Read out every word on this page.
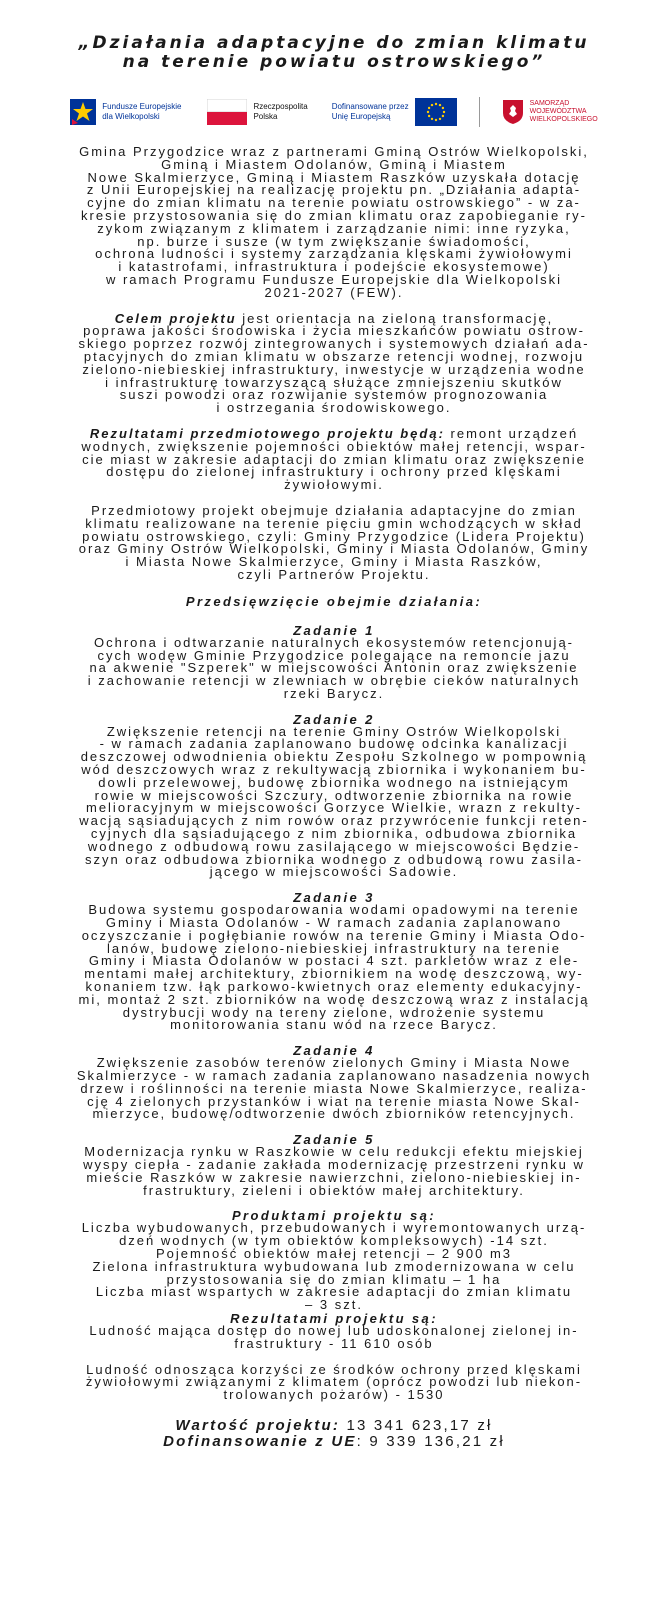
„Działania adaptacyjne do zmian klimatu

na terenie powiatu ostrowskiego”

Fundusze Europejskie
dla Wielkopolski
Rzeczpospolita
Polska
Dofinansowane przez
Unię Europejską
SAMORZĄD
WOJEWÓDZTWA
WIELKOPOLSKIEGO
Gmina Przygodzice wraz z partnerami Gminą Ostrów Wielkopolski,
Gminą i Miastem Odolanów, Gminą i Miastem
Nowe Skalmierzyce, Gminą i Miastem Raszków uzyskała dotację
z Unii Europejskiej na realizację projektu pn. „Działania adapta-
cyjne do zmian klimatu na terenie powiatu ostrowskiego” - w za-
kresie przystosowania się do zmian klimatu oraz zapobieganie ry-
zykom związanym z klimatem i zarządzanie nimi: inne ryzyka,
np. burze i susze (w tym zwiększanie świadomości,
ochrona ludności i systemy zarządzania klęskami żywiołowymi
i katastrofami, infrastruktura i podejście ekosystemowe)
w ramach Programu Fundusze Europejskie dla Wielkopolski
2021-2027 (FEW).
Celem projektu jest orientacja na zieloną transformację,
poprawa jakości środowiska i życia mieszkańców powiatu ostrow-
skiego poprzez rozwój zintegrowanych i systemowych działań ada-
ptacyjnych do zmian klimatu w obszarze retencji wodnej, rozwoju
zielono-niebieskiej infrastruktury, inwestycje w urządzenia wodne
i infrastrukturę towarzyszącą służące zmniejszeniu skutków
suszi powodzi oraz rozwijanie systemów prognozowania
i ostrzegania środowiskowego.
Rezultatami przedmiotowego projektu będą: remont urządzeń
wodnych, zwiększenie pojemności obiektów małej retencji, wspar-
cie miast w zakresie adaptacji do zmian klimatu oraz zwiększenie
dostępu do zielonej infrastruktury i ochrony przed klęskami
żywiołowymi.
Przedmiotowy projekt obejmuje działania adaptacyjne do zmian
klimatu realizowane na terenie pięciu gmin wchodzących w skład
powiatu ostrowskiego, czyli: Gminy Przygodzice (Lidera Projektu)
oraz Gminy Ostrów Wielkopolski, Gminy i Miasta Odolanów, Gminy
i Miasta Nowe Skalmierzyce, Gminy i Miasta Raszków,
czyli Partnerów Projektu.

Przedsięwzięcie obejmie działania:

Zadanie 1

Ochrona i odtwarzanie naturalnych ekosystemów retencjonują-
cych wodęw Gminie Przygodzice polegające na remoncie jazu
na akwenie "Szperek" w miejscowości Antonin oraz zwiększenie
i zachowanie retencji w zlewniach w obrębie cieków naturalnych
rzeki Barycz.

Zadanie 2

Zwiększenie retencji na terenie Gminy Ostrów Wielkopolski
- w ramach zadania zaplanowano budowę odcinka kanalizacji
deszczowej odwodnienia obiektu Zespołu Szkolnego w pompownią
wód deszczowych wraz z rekultywacją zbiornika i wykonaniem bu-
dowli przelewowej, budowę zbiornika wodnego na istniejącym
rowie w miejscowości Szczury, odtworzenie zbiornika na rowie
melioracyjnym w miejscowości Gorzyce Wielkie, wrazn z rekulty-
wacją sąsiadujących z nim rowów oraz przywrócenie funkcji reten-
cyjnych dla sąsiadującego z nim zbiornika, odbudowa zbiornika
wodnego z odbudową rowu zasilającego w miejscowości Będzie-
szyn oraz odbudowa zbiornika wodnego z odbudową rowu zasila-
jącego w miejscowości Sadowie.

Zadanie 3

Budowa systemu gospodarowania wodami opadowymi na terenie
Gminy i Miasta Odolanów - W ramach zadania zaplanowano
oczyszczanie i pogłębianie rowów na terenie Gminy i Miasta Odo-
lanów, budowę zielono-niebieskiej infrastruktury na terenie
Gminy i Miasta Odolanów w postaci 4 szt. parkletów wraz z ele-
mentami małej architektury, zbiornikiem na wodę deszczową, wy-
konaniem tzw. łąk parkowo-kwietnych oraz elementy edukacyjny-
mi, montaż 2 szt. zbiorników na wodę deszczową wraz z instalacją
dystrybucji wody na tereny zielone, wdrożenie systemu
monitorowania stanu wód na rzece Barycz.

Zadanie 4

Zwiększenie zasobów terenów zielonych Gminy i Miasta Nowe
Skalmierzyce - w ramach zadania zaplanowano nasadzenia nowych
drzew i roślinności na terenie miasta Nowe Skalmierzyce, realiza-
cję 4 zielonych przystanków i wiat na terenie miasta Nowe Skal-
mierzyce, budowę/odtworzenie dwóch zbiorników retencyjnych.

Zadanie 5

Modernizacja rynku w Raszkowie w celu redukcji efektu miejskiej
wyspy ciepła - zadanie zakłada modernizację przestrzeni rynku w
mieście Raszków w zakresie nawierzchni, zielono-niebieskiej in-
frastruktury, zieleni i obiektów małej architektury.

Produktami projektu są:

Liczba wybudowanych, przebudowanych i wyremontowanych urzą-
dzeń wodnych (w tym obiektów kompleksowych) -14 szt.
Pojemność obiektów małej retencji – 2 900 m3
Zielona infrastruktura wybudowana lub zmodernizowana w celu
przystosowania się do zmian klimatu – 1 ha
Liczba miast wspartych w zakresie adaptacji do zmian klimatu
– 3 szt.

Rezultatami projektu są:

Ludność mająca dostęp do nowej lub udoskonalonej zielonej in-
frastruktury - 11 610 osób
Ludność odnosząca korzyści ze środków ochrony przed klęskami
żywiołowymi związanymi z klimatem (oprócz powodzi lub niekon-
trolowanych pożarów) - 1530
Wartość projektu: 13 341 623,17 zł
Dofinansowanie z UE: 9 339 136,21 zł
